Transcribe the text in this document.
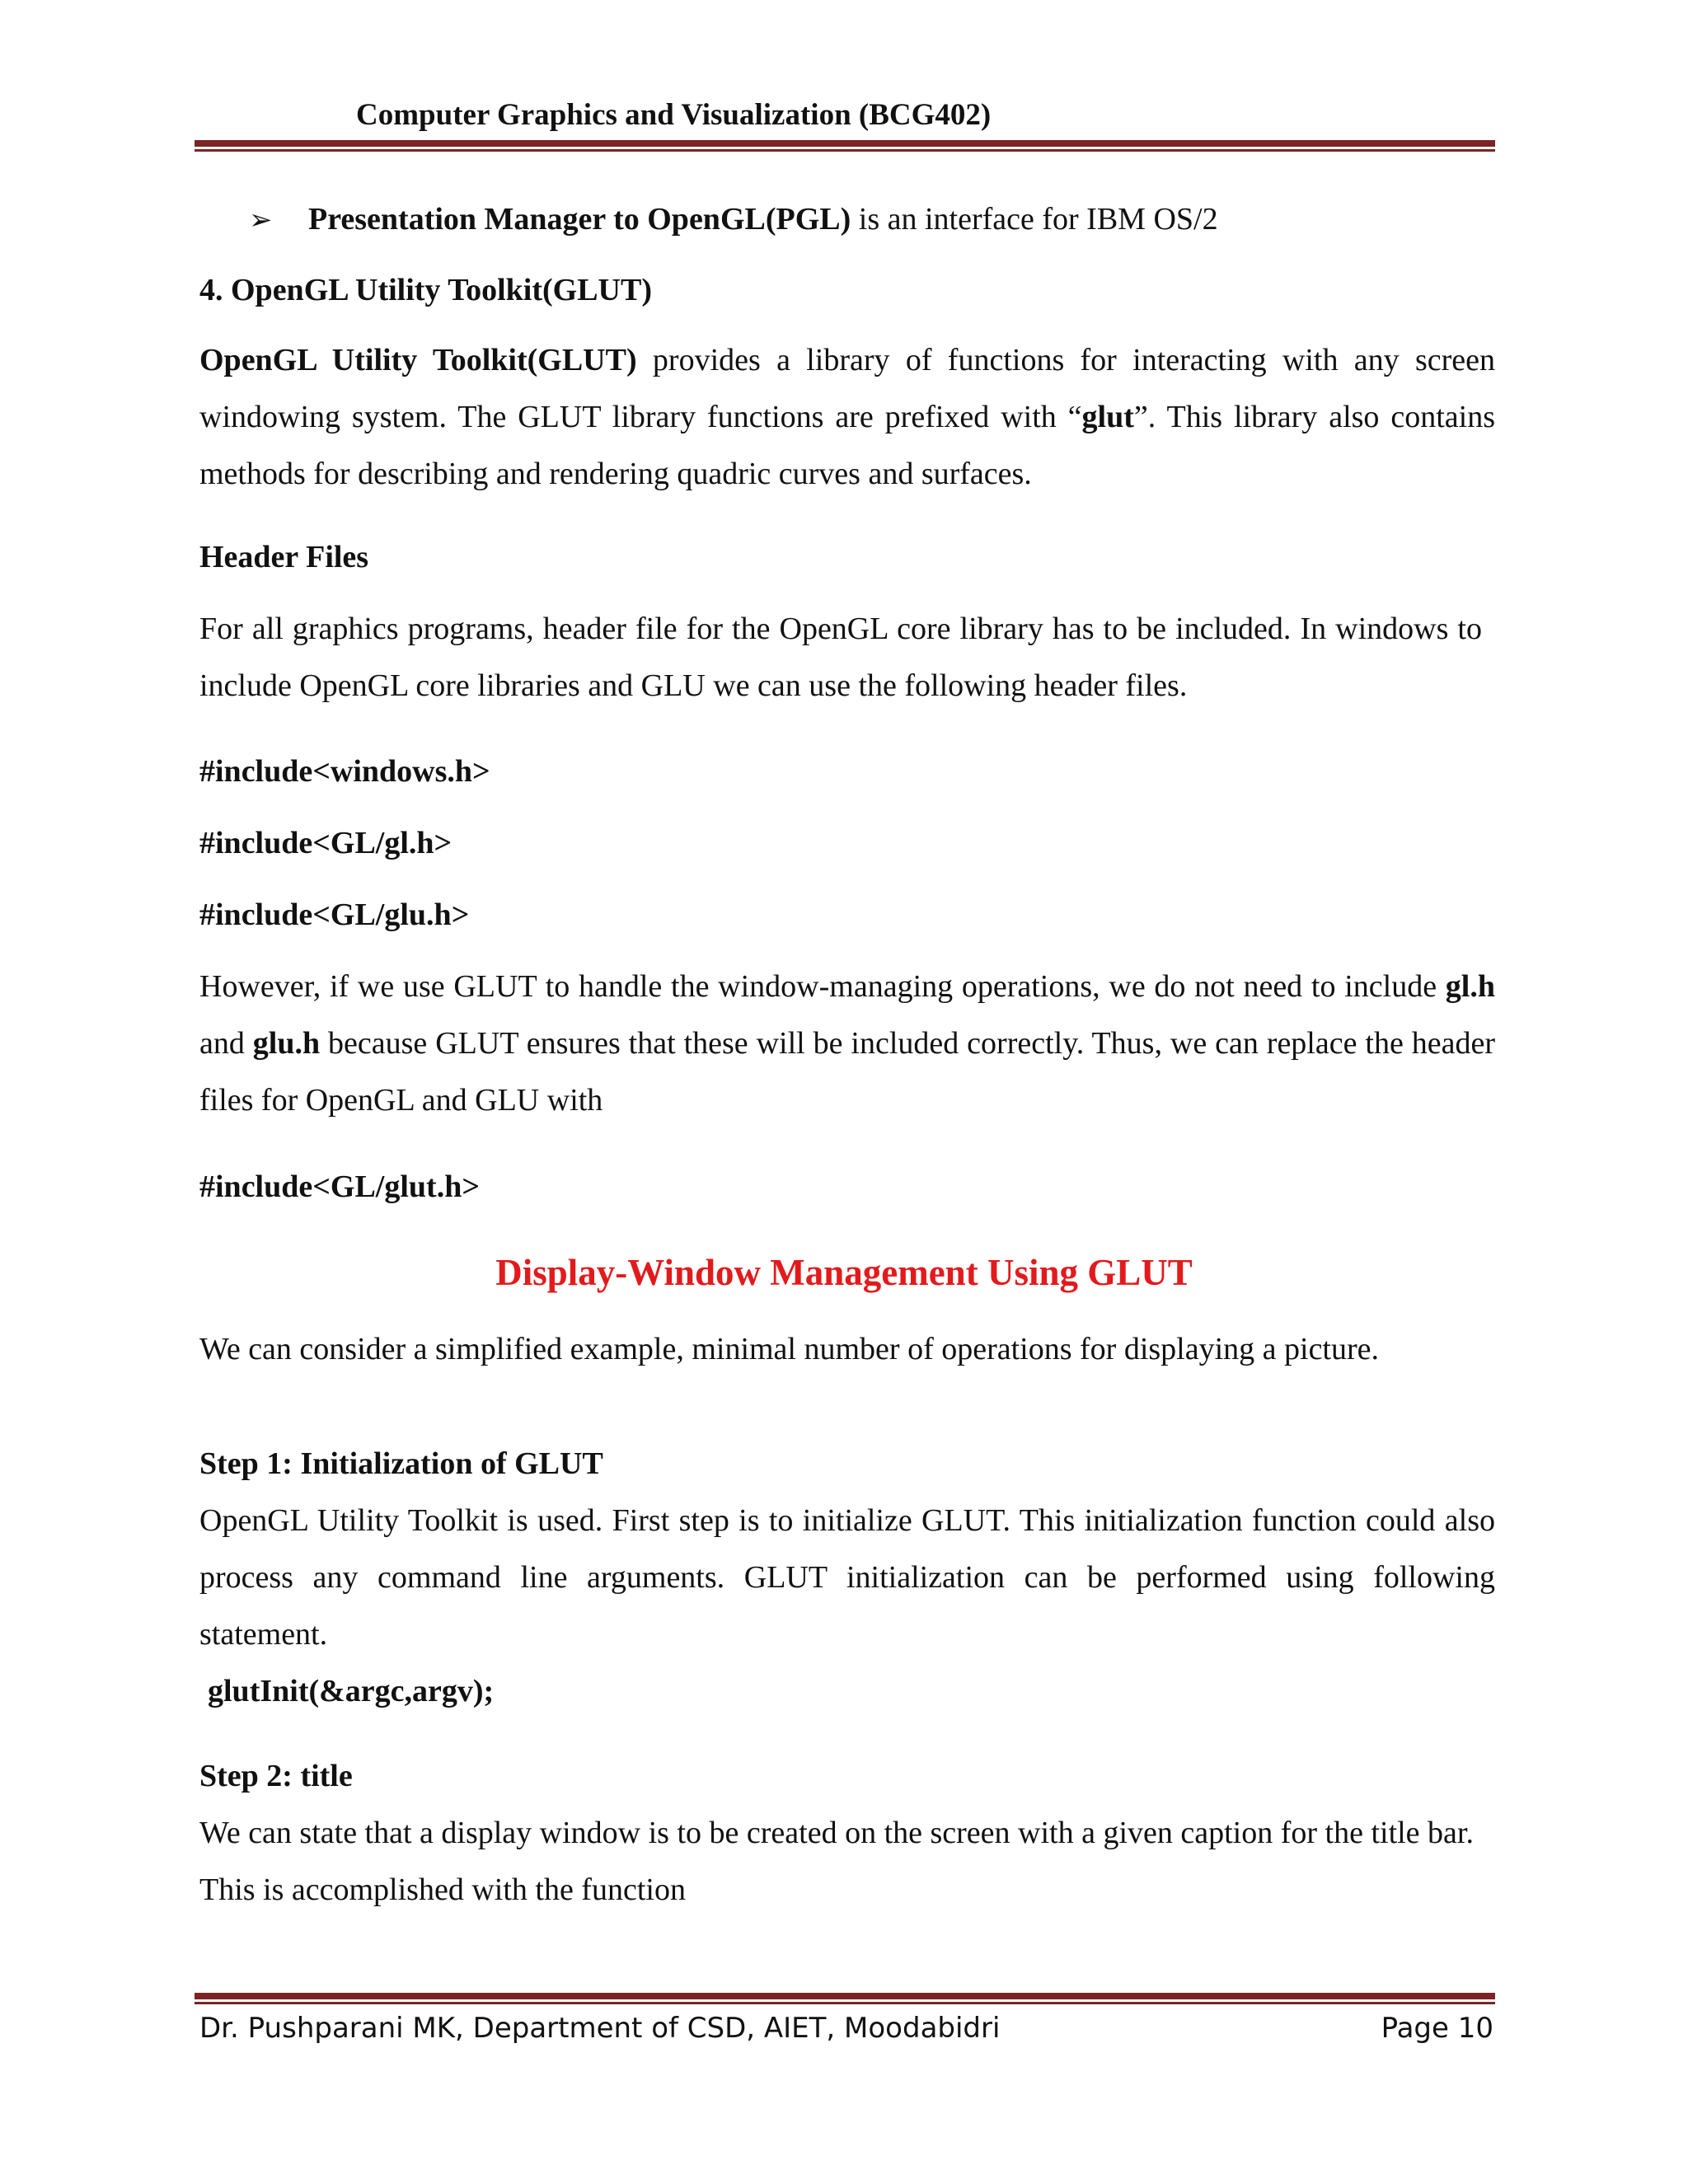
Computer Graphics and Visualization (BCG402)
➢ Presentation Manager to OpenGL(PGL) is an interface for IBM OS/2

4. OpenGL Utility Toolkit(GLUT)

OpenGL Utility Toolkit(GLUT) provides a library of functions for interacting with any screen windowing system. The GLUT library functions are prefixed with “glut”. This library also contains methods for describing and rendering quadric curves and surfaces.

Header Files

For all graphics programs, header file for the OpenGL core library has to be included. In windows to include OpenGL core libraries and GLU we can use the following header files.

#include<windows.h>

#include<GL/gl.h>

#include<GL/glu.h>

However, if we use GLUT to handle the window-managing operations, we do not need to include gl.h and glu.h because GLUT ensures that these will be included correctly. Thus, we can replace the header files for OpenGL and GLU with

#include<GL/glut.h>

Display-Window Management Using GLUT

We can consider a simplified example, minimal number of operations for displaying a picture.

Step 1: Initialization of GLUT

OpenGL Utility Toolkit is used. First step is to initialize GLUT. This initialization function could also process any command line arguments. GLUT initialization can be performed using following statement.

glutInit(&argc,argv);

Step 2: title

We can state that a display window is to be created on the screen with a given caption for the title bar.

This is accomplished with the function

Dr. Pushparani MK, Department of CSD, AIET, Moodabidri	Page 10
